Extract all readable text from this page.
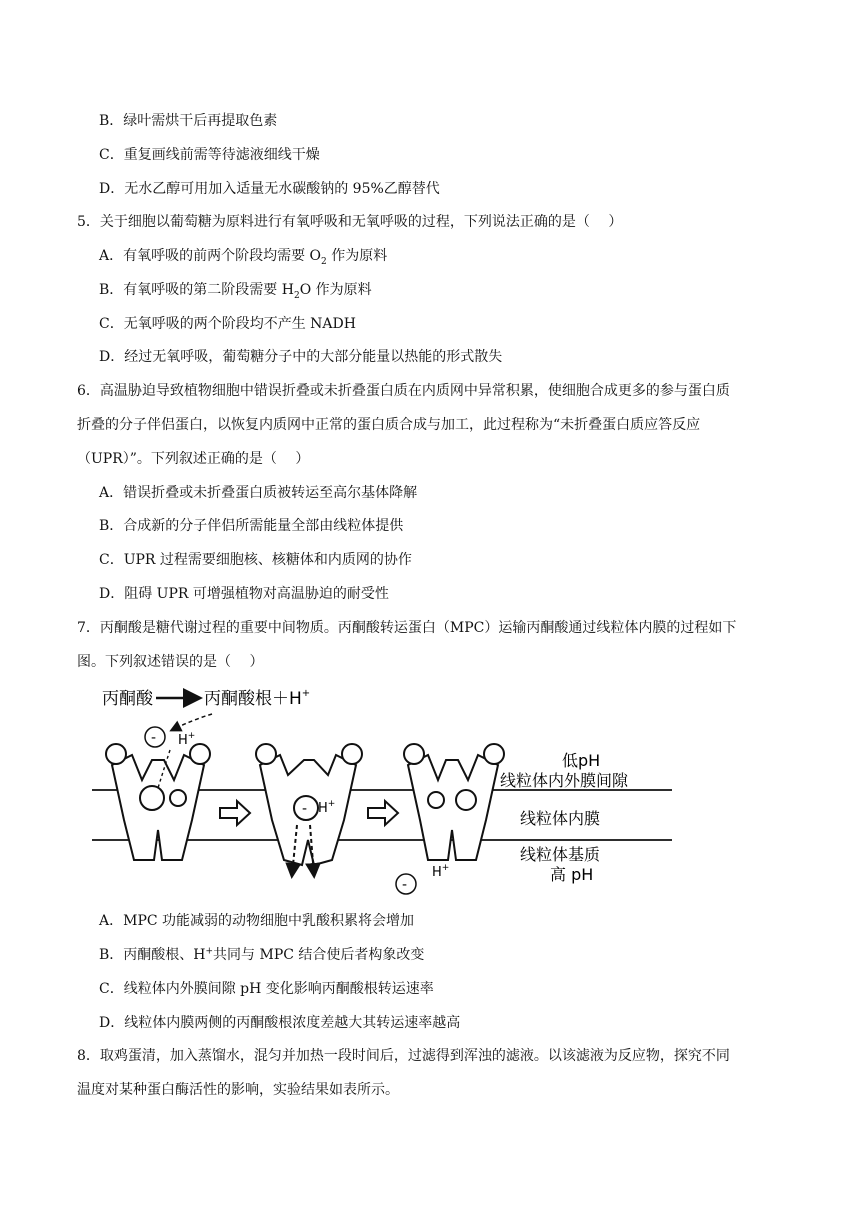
B．绿叶需烘干后再提取色素
C．重复画线前需等待滤液细线干燥
D．无水乙醇可用加入适量无水碳酸钠的 95%乙醇替代
5．关于细胞以葡萄糖为原料进行有氧呼吸和无氧呼吸的过程，下列说法正确的是（　 ）
A．有氧呼吸的前两个阶段均需要 $O_2$ 作为原料
B．有氧呼吸的第二阶段需要 $H_2O$ 作为原料
C．无氧呼吸的两个阶段均不产生 NADH
D．经过无氧呼吸，葡萄糖分子中的大部分能量以热能的形式散失
6．高温胁迫导致植物细胞中错误折叠或未折叠蛋白质在内质网中异常积累，使细胞合成更多的参与蛋白质
折叠的分子伴侣蛋白，以恢复内质网中正常的蛋白质合成与加工，此过程称为“未折叠蛋白质应答反应
（UPR）”。下列叙述正确的是（　 ）
A．错误折叠或未折叠蛋白质被转运至高尔基体降解
B．合成新的分子伴侣所需能量全部由线粒体提供
C．UPR 过程需要细胞核、核糖体和内质网的协作
D．阻碍 UPR 可增强植物对高温胁迫的耐受性
7．丙酮酸是糖代谢过程的重要中间物质。丙酮酸转运蛋白（MPC）运输丙酮酸通过线粒体内膜的过程如下
图。下列叙述错误的是（　 ）
丙酮酸	丙酮酸根＋H+
- H+
- H+
H+
-
低pH
线粒体内外膜间隙
线粒体内膜
线粒体基质
高 pH
A．MPC 功能减弱的动物细胞中乳酸积累将会增加
B．丙酮酸根、H+共同与 MPC 结合使后者构象改变
C．线粒体内外膜间隙 pH 变化影响丙酮酸根转运速率
D．线粒体内膜两侧的丙酮酸根浓度差越大其转运速率越高
8．取鸡蛋清，加入蒸馏水，混匀并加热一段时间后，过滤得到浑浊的滤液。以该滤液为反应物，探究不同
温度对某种蛋白酶活性的影响，实验结果如表所示。
